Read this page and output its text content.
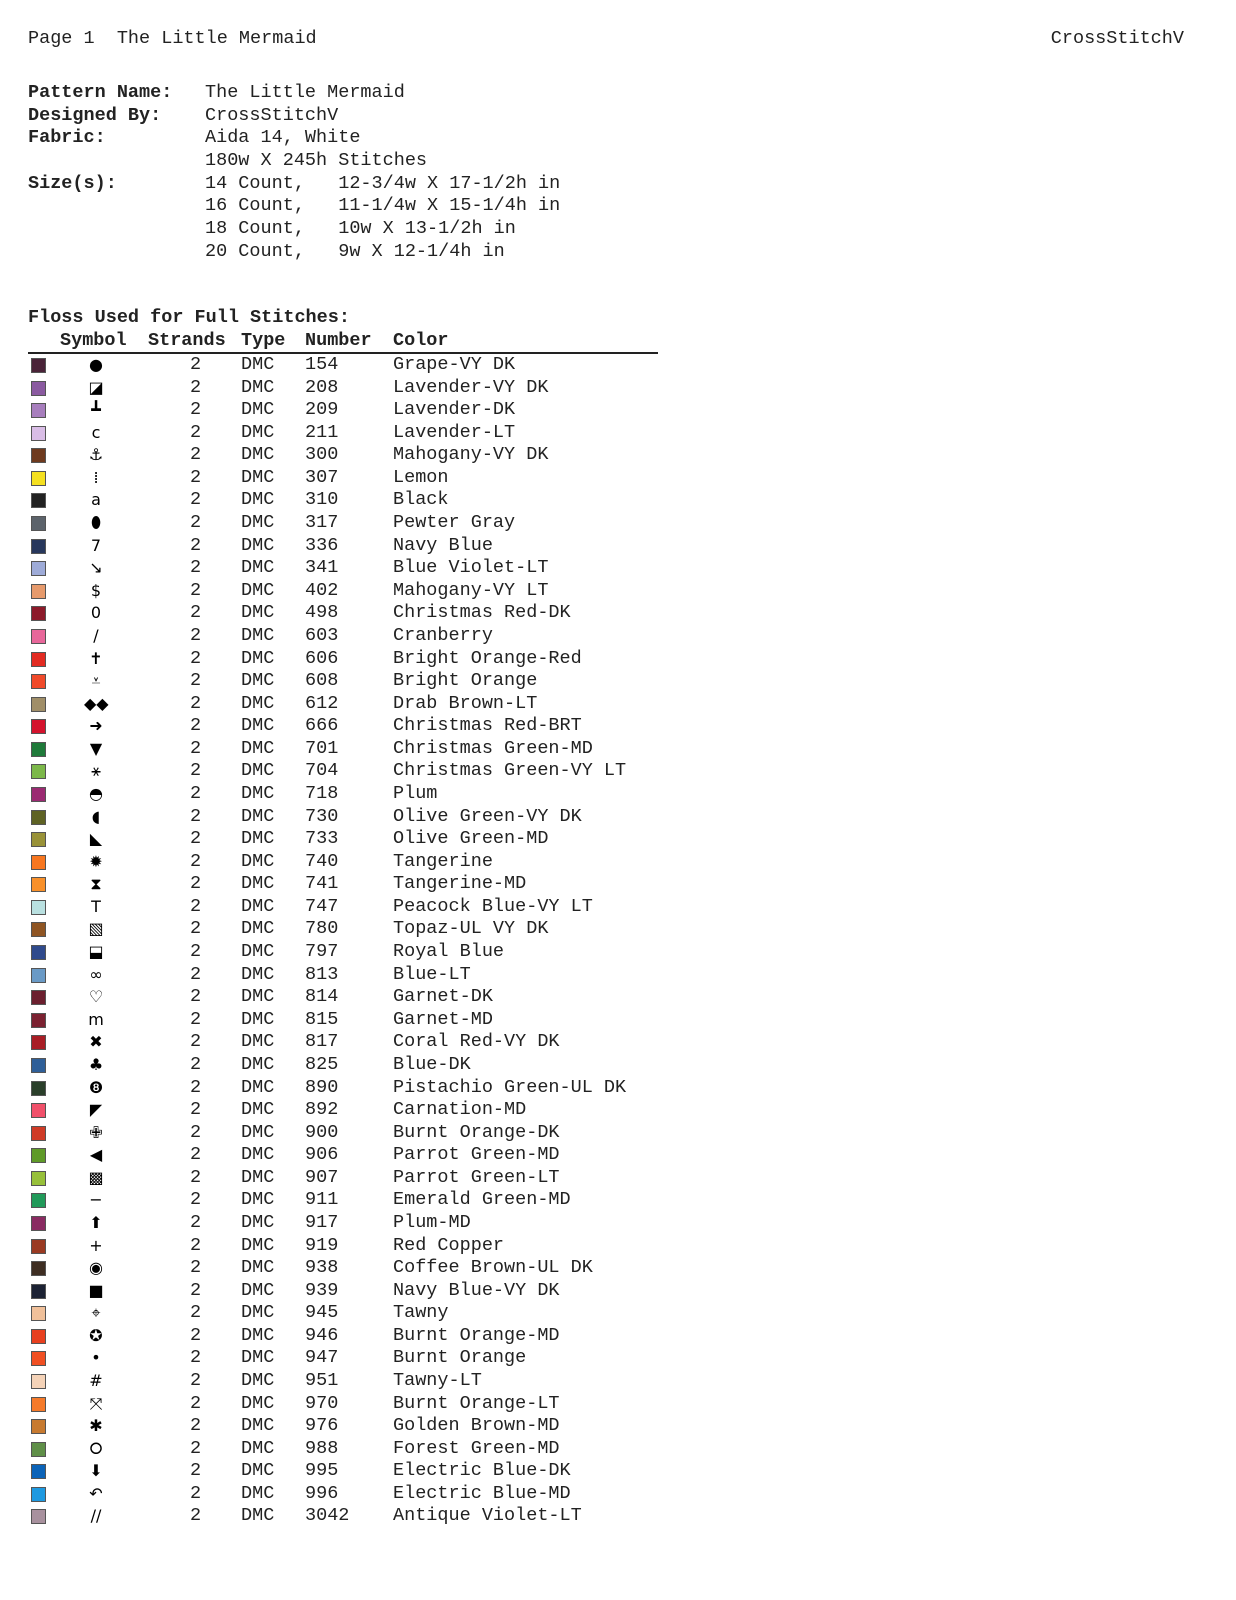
Page 1  The Little Mermaid	CrossStitchV
Pattern Name: The Little Mermaid
Designed By: CrossStitchV
Fabric:	Aida 14, White
180w X 245h Stitches
Size(s):	14 Count,   12-3/4w X 17-1/2h in
16 Count,   11-1/4w X 15-1/4h in
18 Count,   10w X 13-1/2h in
20 Count,   9w X 12-1/4h in
Floss Used for Full Stitches:
Symbol Strands Type Number Color
●	2 DMC 154	Grape-VY DK
◪	2 DMC 208	Lavender-VY DK
┻	2 DMC 209	Lavender-DK
c	2 DMC 211	Lavender-LT
⚓	2 DMC 300	Mahogany-VY DK
⁞	2 DMC 307	Lemon
a	2 DMC 310	Black
⬮	2 DMC 317	Pewter Gray
7	2 DMC 336	Navy Blue
↘	2 DMC 341	Blue Violet-LT
$	2 DMC 402	Mahogany-VY LT
0	2 DMC 498	Christmas Red-DK
/	2 DMC 603	Cranberry
✝	2 DMC 606	Bright Orange-Red
⩡	2 DMC 608	Bright Orange
◆◆	2 DMC 612	Drab Brown-LT
➜	2 DMC 666	Christmas Red-BRT
▼	2 DMC 701	Christmas Green-MD
⚹	2 DMC 704	Christmas Green-VY LT
◓	2 DMC 718	Plum
◖	2 DMC 730	Olive Green-VY DK
◣	2 DMC 733	Olive Green-MD
✹	2 DMC 740	Tangerine
⧗	2 DMC 741	Tangerine-MD
T	2 DMC 747	Peacock Blue-VY LT
▧	2 DMC 780	Topaz-UL VY DK
⬓	2 DMC 797	Royal Blue
∞	2 DMC 813	Blue-LT
♡	2 DMC 814	Garnet-DK
m	2 DMC 815	Garnet-MD
✖	2 DMC 817	Coral Red-VY DK
♣	2 DMC 825	Blue-DK
❽	2 DMC 890	Pistachio Green-UL DK
◤	2 DMC 892	Carnation-MD
✙	2 DMC 900	Burnt Orange-DK
◀	2 DMC 906	Parrot Green-MD
▩	2 DMC 907	Parrot Green-LT
−	2 DMC 911	Emerald Green-MD
⬆	2 DMC 917	Plum-MD
+	2 DMC 919	Red Copper
◉	2 DMC 938	Coffee Brown-UL DK
■	2 DMC 939	Navy Blue-VY DK
⌖	2 DMC 945	Tawny
✪	2 DMC 946	Burnt Orange-MD
•	2 DMC 947	Burnt Orange
#	2 DMC 951	Tawny-LT
⤧	2 DMC 970	Burnt Orange-LT
✱	2 DMC 976	Golden Brown-MD
⭘	2 DMC 988	Forest Green-MD
⬇	2 DMC 995	Electric Blue-DK
↶	2 DMC 996	Electric Blue-MD
//	2 DMC 3042 Antique Violet-LT
